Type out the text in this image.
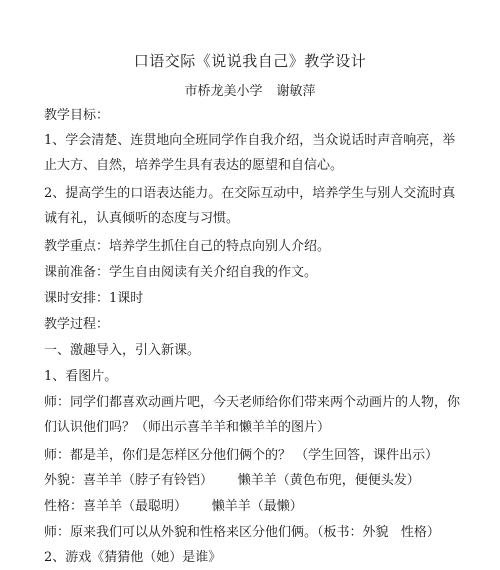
口语交际《说说我自己》教学设计
市桥龙美小学 谢敏萍
教学目标：
1、学会清楚、连贯地向全班同学作自我介绍，当众说话时声音响亮，举止大方、自然，培养学生具有表达的愿望和自信心。
2、提高学生的口语表达能力。在交际互动中，培养学生与别人交流时真诚有礼，认真倾听的态度与习惯。
教学重点：培养学生抓住自己的特点向别人介绍。
课前准备：学生自由阅读有关介绍自我的作文。
课时安排：1课时
教学过程：
一、激趣导入，引入新课。
1、看图片。
师：同学们都喜欢动画片吧，今天老师给你们带来两个动画片的人物，你们认识他们吗？（师出示喜羊羊和懒羊羊的图片）
师：都是羊，你们是怎样区分他们俩个的？ （学生回答，课件出示）
外貌：喜羊羊（脖子有铃铛）      懒羊羊（黄色布兜，便便头发）
性格：喜羊羊（最聪明）      懒羊羊（最懒）
师：原来我们可以从外貌和性格来区分他们俩。（板书：外貌   性格）
2、游戏《猜猜他（她）是谁》
